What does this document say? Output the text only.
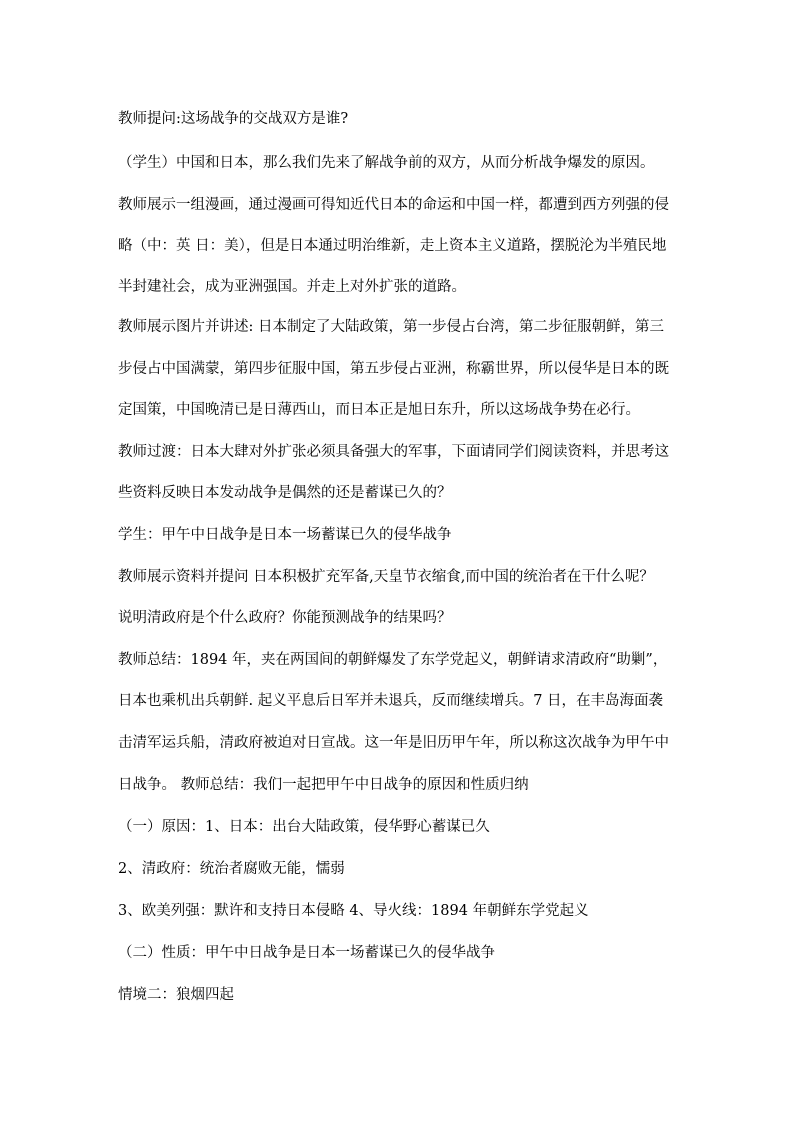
教师提问:这场战争的交战双方是谁?
（学生）中国和日本，那么我们先来了解战争前的双方，从而分析战争爆发的原因。
教师展示一组漫画，通过漫画可得知近代日本的命运和中国一样，都遭到西方列强的侵
略（中：英 日：美），但是日本通过明治维新，走上资本主义道路，摆脱沦为半殖民地
半封建社会，成为亚洲强国。并走上对外扩张的道路。
教师展示图片并讲述: 日本制定了大陆政策，第一步侵占台湾，第二步征服朝鲜，第三
步侵占中国满蒙，第四步征服中国，第五步侵占亚洲，称霸世界，所以侵华是日本的既
定国策，中国晚清已是日薄西山，而日本正是旭日东升，所以这场战争势在必行。
教师过渡：日本大肆对外扩张必须具备强大的军事，下面请同学们阅读资料，并思考这
些资料反映日本发动战争是偶然的还是蓄谋已久的？
学生：甲午中日战争是日本一场蓄谋已久的侵华战争
教师展示资料并提问 日本积极扩充军备,天皇节衣缩食,而中国的统治者在干什么呢？
说明清政府是个什么政府？你能预测战争的结果吗？
教师总结：1894 年，夹在两国间的朝鲜爆发了东学党起义，朝鲜请求清政府“助剿”，
日本也乘机出兵朝鲜. 起义平息后日军并未退兵，反而继续增兵。7 日，在丰岛海面袭
击清军运兵船，清政府被迫对日宣战。这一年是旧历甲午年，所以称这次战争为甲午中
日战争。 教师总结：我们一起把甲午中日战争的原因和性质归纳
（一）原因：1、日本：出台大陆政策，侵华野心蓄谋已久
2、清政府：统治者腐败无能，懦弱
3、欧美列强：默许和支持日本侵略 4、导火线：1894 年朝鲜东学党起义
（二）性质：甲午中日战争是日本一场蓄谋已久的侵华战争
情境二：狼烟四起
